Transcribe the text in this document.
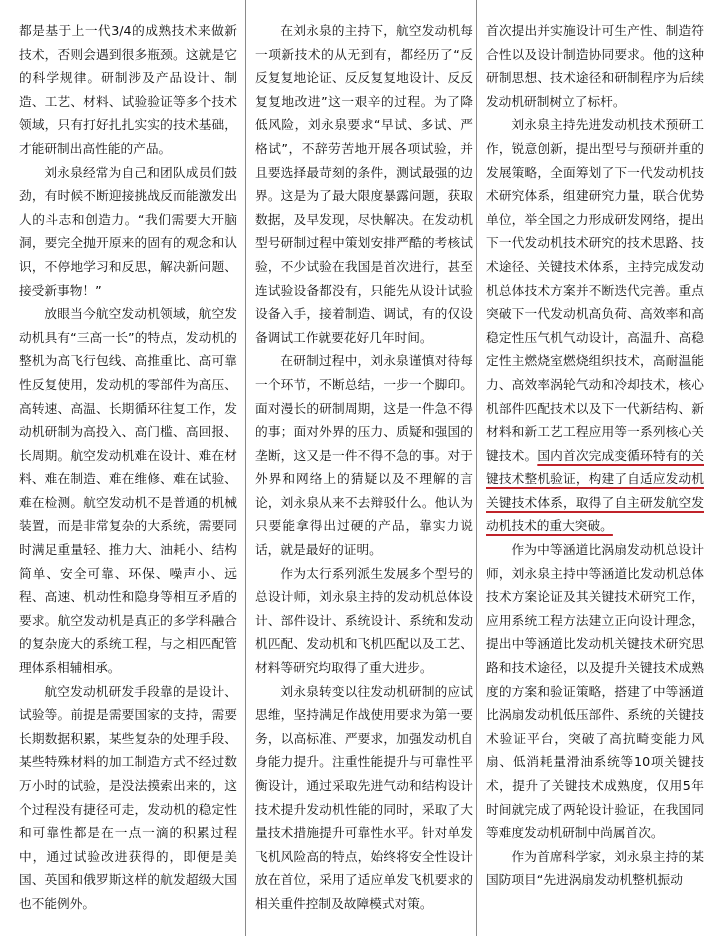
都是基于上一代3/4的成熟技术来做新技术，否则会遇到很多瓶颈。这就是它的科学规律。研制涉及产品设计、制造、工艺、材料、试验验证等多个技术领域，只有打好扎扎实实的技术基础，才能研制出高性能的产品。

刘永泉经常为自己和团队成员们鼓劲，有时候不断迎接挑战反而能激发出人的斗志和创造力。“我们需要大开脑洞，要完全抛开原来的固有的观念和认识，不停地学习和反思，解决新问题、接受新事物！”

放眼当今航空发动机领域，航空发动机具有“三高一长”的特点，发动机的整机为高飞行包线、高推重比、高可靠性反复使用，发动机的零部件为高压、高转速、高温、长期循环往复工作，发动机研制为高投入、高门槛、高回报、长周期。航空发动机难在设计、难在材料、难在制造、难在维修、难在试验、难在检测。航空发动机不是普通的机械装置，而是非常复杂的大系统，需要同时满足重量轻、推力大、油耗小、结构简单、安全可靠、环保、噪声小、远程、高速、机动性和隐身等相互矛盾的要求。航空发动机是真正的多学科融合的复杂庞大的系统工程，与之相匹配管理体系相辅相承。

航空发动机研发手段靠的是设计、试验等。前提是需要国家的支持，需要长期数据积累，某些复杂的处理手段、某些特殊材料的加工制造方式不经过数万小时的试验，是没法摸索出来的，这个过程没有捷径可走，发动机的稳定性和可靠性都是在一点一滴的积累过程中，通过试验改进获得的，即便是美国、英国和俄罗斯这样的航发超级大国也不能例外。

在刘永泉的主持下，航空发动机每一项新技术的从无到有，都经历了“反反复复地论证、反反复复地设计、反反复复地改进”这一艰辛的过程。为了降低风险，刘永泉要求“早试、多试、严格试”，不辞劳苦地开展各项试验，并且要选择最苛刻的条件，测试最强的边界。这是为了最大限度暴露问题，获取数据，及早发现，尽快解决。在发动机型号研制过程中策划安排严酷的考核试验，不少试验在我国是首次进行，甚至连试验设备都没有，只能先从设计试验设备入手，接着制造、调试，有的仅设备调试工作就要花好几年时间。

在研制过程中，刘永泉谨慎对待每一个环节，不断总结，一步一个脚印。面对漫长的研制周期，这是一件急不得的事；面对外界的压力、质疑和强国的垄断，这又是一件不得不急的事。对于外界和网络上的猜疑以及不理解的言论，刘永泉从来不去辩驳什么。他认为只要能拿得出过硬的产品，靠实力说话，就是最好的证明。

作为太行系列派生发展多个型号的总设计师，刘永泉主持的发动机总体设计、部件设计、系统设计、系统和发动机匹配、发动机和飞机匹配以及工艺、材料等研究均取得了重大进步。

刘永泉转变以往发动机研制的应试思维，坚持满足作战使用要求为第一要务，以高标准、严要求，加强发动机自身能力提升。注重性能提升与可靠性平衡设计，通过采取先进气动和结构设计技术提升发动机性能的同时，采取了大量技术措施提升可靠性水平。针对单发飞机风险高的特点，始终将安全性设计放在首位，采用了适应单发飞机要求的相关重件控制及故障模式对策。

首次提出并实施设计可生产性、制造符合性以及设计制造协同要求。他的这种研制思想、技术途径和研制程序为后续发动机研制树立了标杆。

刘永泉主持先进发动机技术预研工作，锐意创新，提出型号与预研并重的发展策略，全面筹划了下一代发动机技术研究体系，组建研究力量，联合优势单位，举全国之力形成研发网络，提出下一代发动机技术研究的技术思路、技术途径、关键技术体系，主持完成发动机总体技术方案并不断迭代完善。重点突破下一代发动机高负荷、高效率和高稳定性压气机气动设计，高温升、高稳定性主燃烧室燃烧组织技术，高耐温能力、高效率涡轮气动和冷却技术，核心机部件匹配技术以及下一代新结构、新材料和新工艺工程应用等一系列核心关键技术。国内首次完成变循环特有的关键技术整机验证，构建了自适应发动机关键技术体系，取得了自主研发航空发动机技术的重大突破。

作为中等涵道比涡扇发动机总设计师，刘永泉主持中等涵道比发动机总体技术方案论证及其关键技术研究工作，应用系统工程方法建立正向设计理念，提出中等涵道比发动机关键技术研究思路和技术途径，以及提升关键技术成熟度的方案和验证策略，搭建了中等涵道比涡扇发动机低压部件、系统的关键技术验证平台，突破了高抗畸变能力风扇、低消耗量滑油系统等10项关键技术，提升了关键技术成熟度，仅用5年时间就完成了两轮设计验证，在我国同等难度发动机研制中尚属首次。

作为首席科学家，刘永泉主持的某国防项目“先进涡扇发动机整机振动
